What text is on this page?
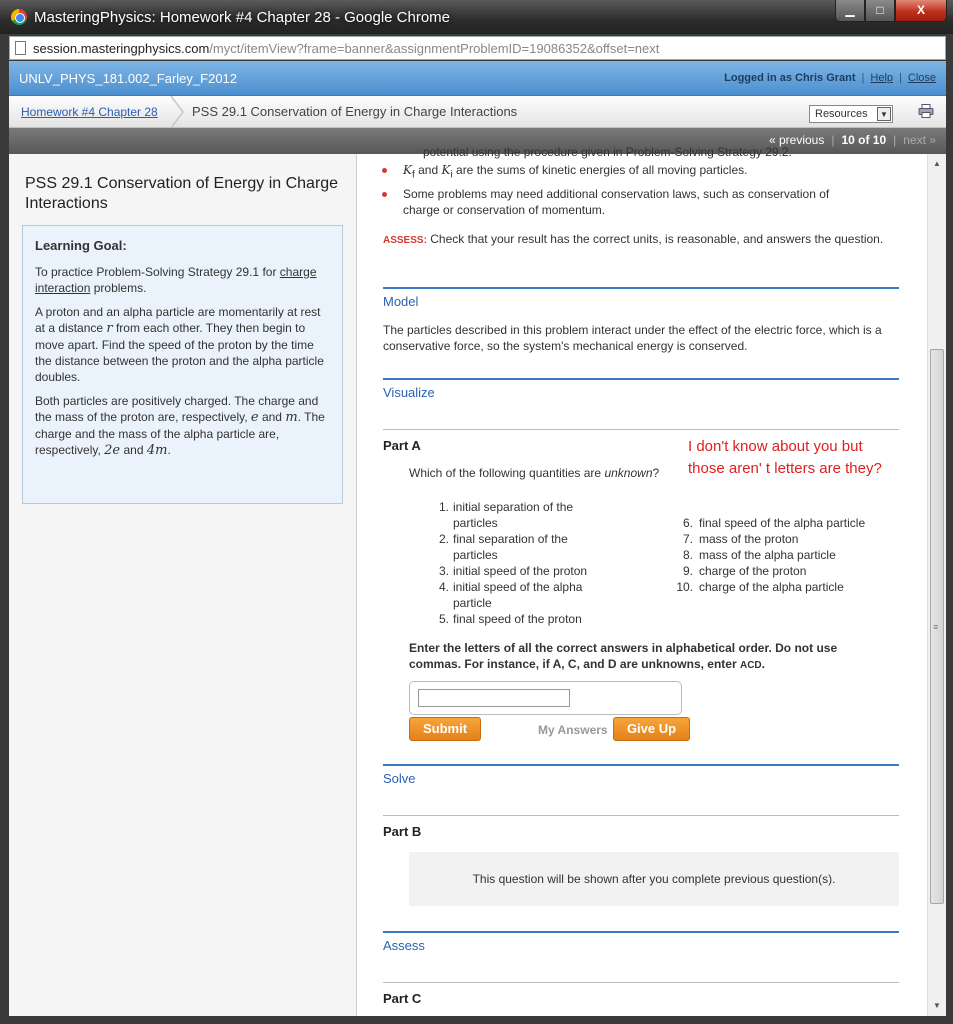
MasteringPhysics: Homework #4 Chapter 28 - Google Chrome	▁	□	X
session.masteringphysics.com/myct/itemView?frame=banner&assignmentProblemID=19086352&offset=next
UNLV_PHYS_181.002_Farley_F2012	Logged in as Chris Grant | Help | Close
Homework #4 Chapter 28	PSS 29.1 Conservation of Energy in Charge Interactions	Resources	▼
« previous | 10 of 10 | next »
PSS 29.1 Conservation of Energy in Charge Interactions
Learning Goal:

To practice Problem-Solving Strategy 29.1 for charge interaction problems.

A proton and an alpha particle are momentarily at rest at a distance r from each other. They then begin to move apart. Find the speed of the proton by the time the distance between the proton and the alpha particle doubles.

Both particles are positively charged. The charge and the mass of the proton are, respectively, e and m. The charge and the mass of the alpha particle are, respectively, 2e and 4m.

potential using the procedure given in Problem-Solving Strategy 29.2.
$K_f$ and $K_i$ are the sums of kinetic energies of all moving particles.
Some problems may need additional conservation laws, such as conservation of charge or conservation of momentum.
ASSESS: Check that your result has the correct units, is reasonable, and answers the question.
Model
The particles described in this problem interact under the effect of the electric force, which is a conservative force, so the system's mechanical energy is conserved.
Visualize
Part A
Which of the following quantities are unknown?
I don't know about you but those aren' t letters are they?
1. initial separation of the particles
2. final separation of the particles
3. initial speed of the proton
4. initial speed of the alpha particle
5. final speed of the proton
6. final speed of the alpha particle
7. mass of the proton
8. mass of the alpha particle
9. charge of the proton
10. charge of the alpha particle
Enter the letters of all the correct answers in alphabetical order. Do not use commas. For instance, if A, C, and D are unknowns, enter ACD.
Submit	My Answers	Give Up
Solve
Part B
This question will be shown after you complete previous question(s).
Assess
Part C
▲
≡
▼
